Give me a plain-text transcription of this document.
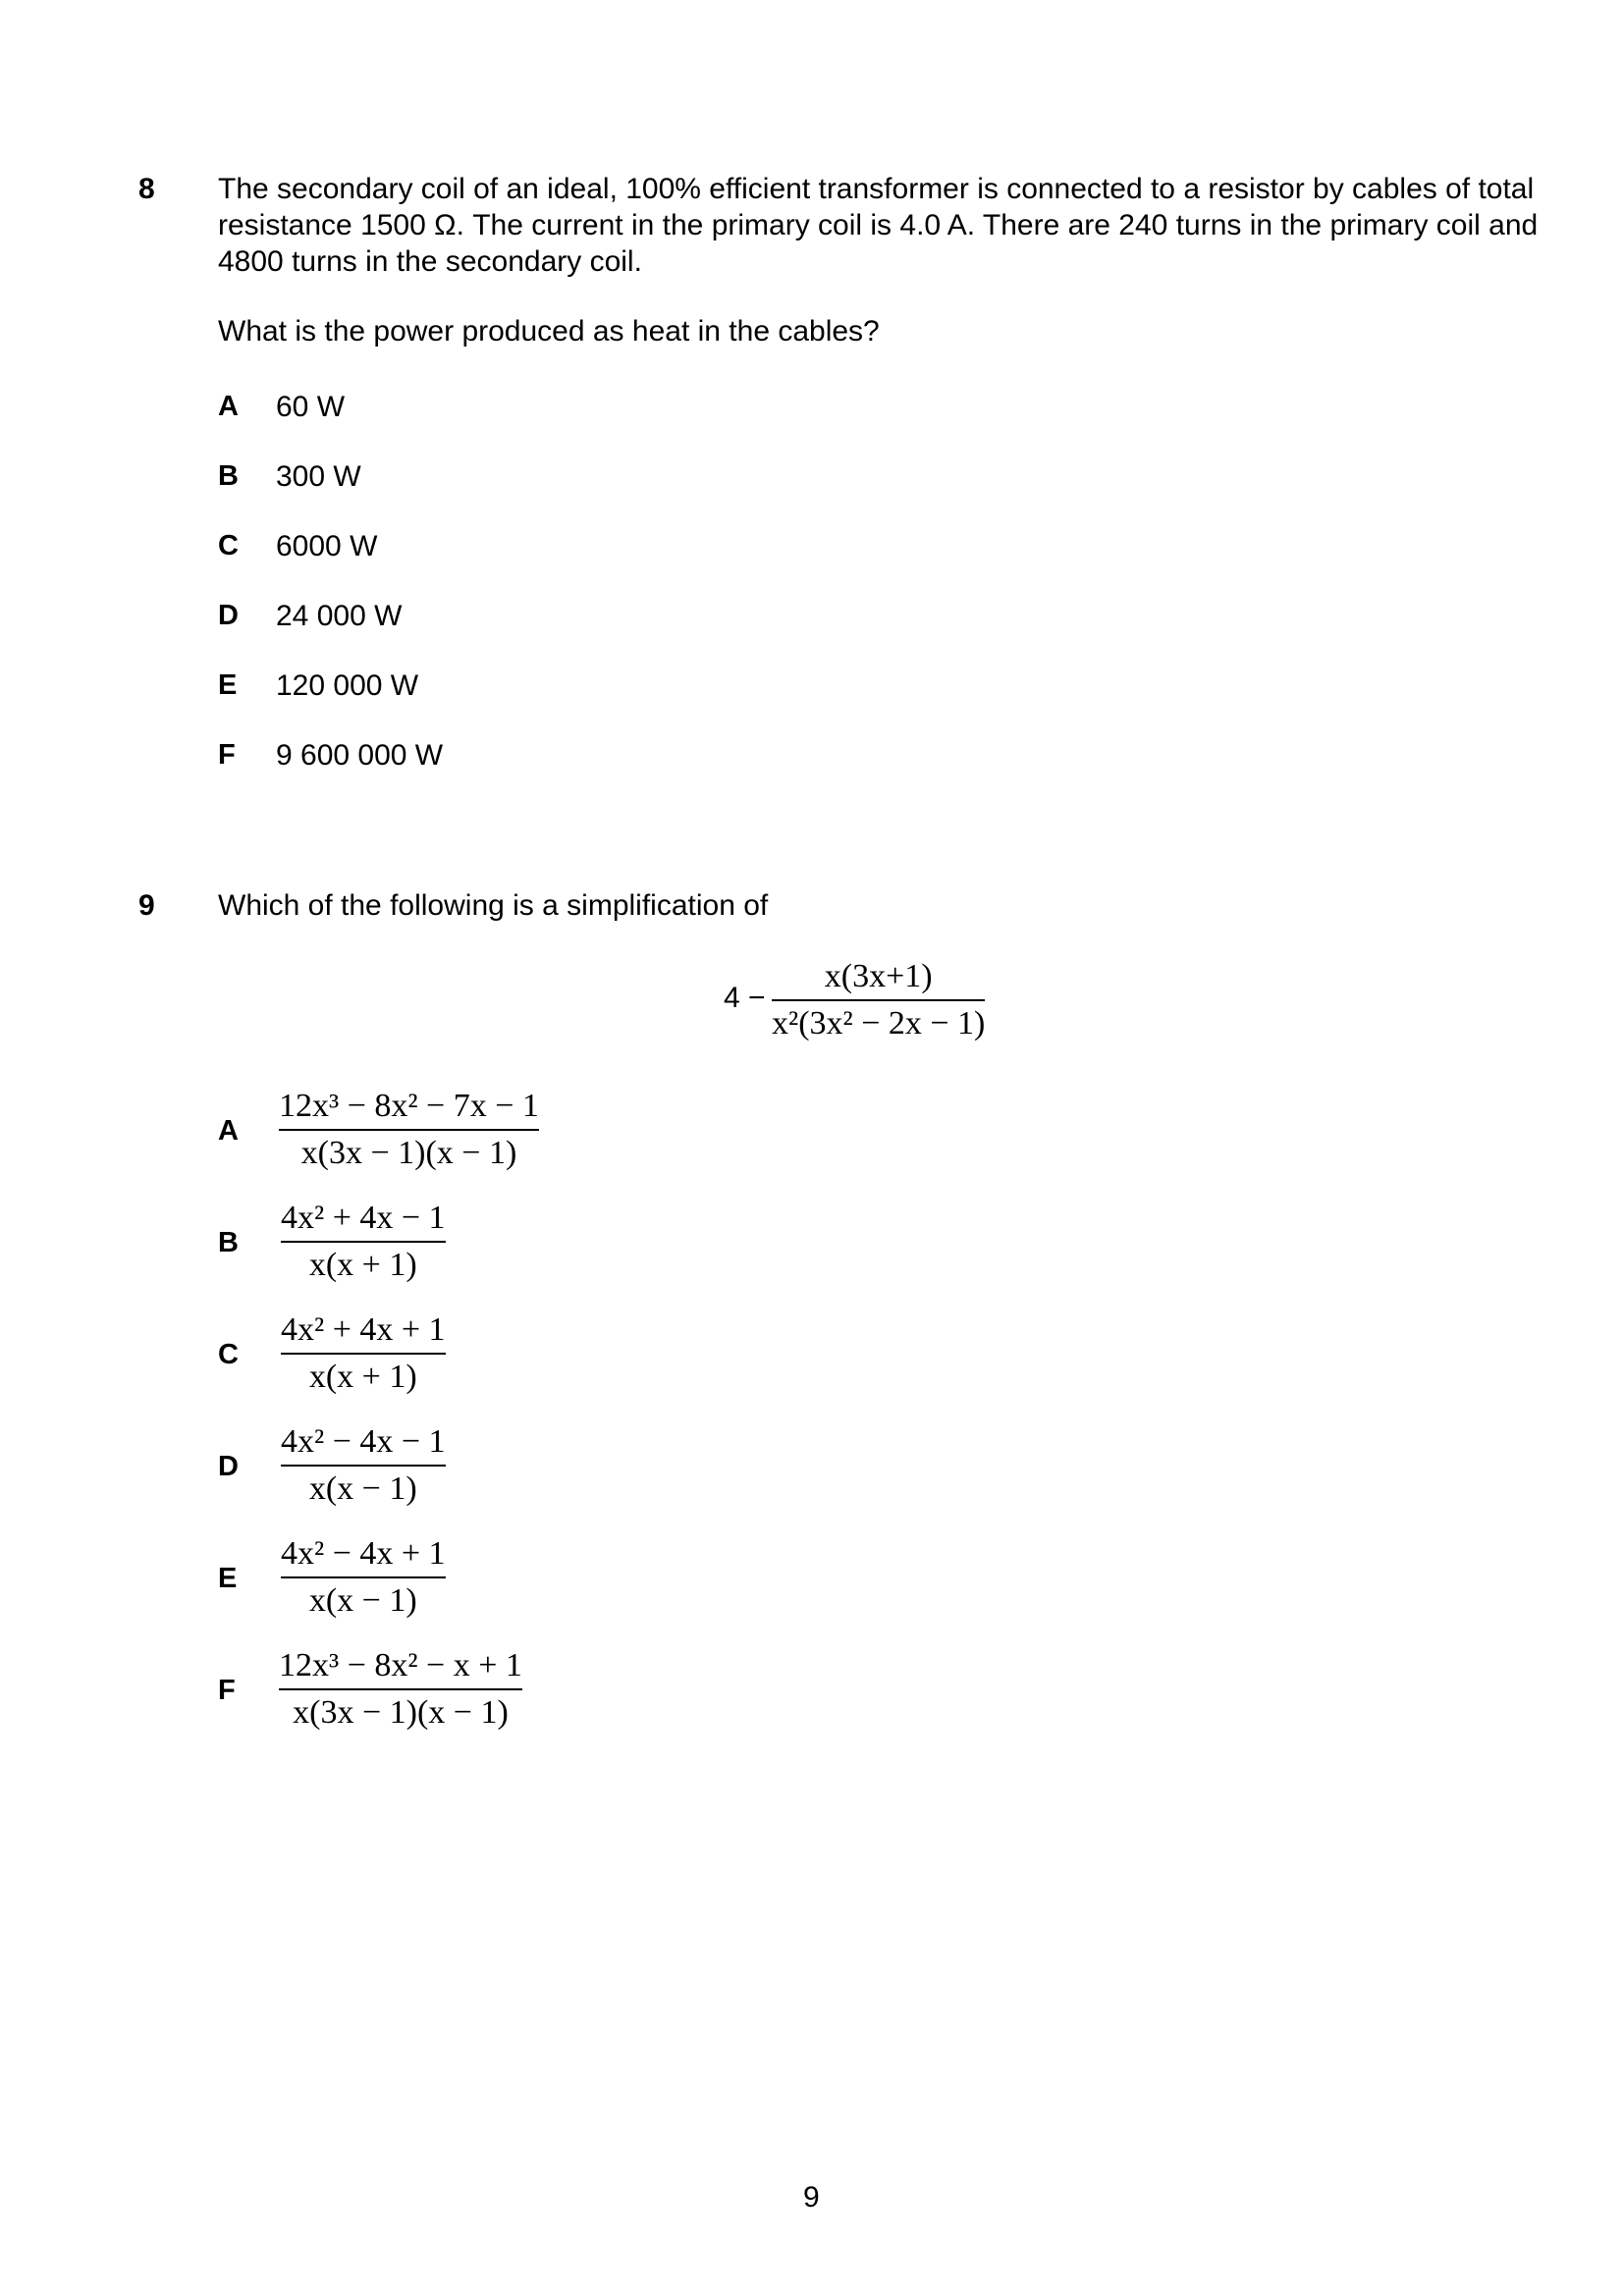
8 The secondary coil of an ideal, 100% efficient transformer is connected to a resistor by cables of total resistance 1500 Ω. The current in the primary coil is 4.0 A. There are 240 turns in the primary coil and 4800 turns in the secondary coil.
What is the power produced as heat in the cables?
A 60 W
B 300 W
C 6000 W
D 24 000 W
E 120 000 W
F 9 600 000 W
9 Which of the following is a simplification of
4 −
x(3x+1)
x²(3x² − 2x − 1)
A
12x³ − 8x² − 7x − 1
x(3x − 1)(x − 1)
B
4x² + 4x − 1
x(x + 1)
C
4x² + 4x + 1
x(x + 1)
D
4x² − 4x − 1
x(x − 1)
E
4x² − 4x + 1
x(x − 1)
F
12x³ − 8x² − x + 1
x(3x − 1)(x − 1)
9
